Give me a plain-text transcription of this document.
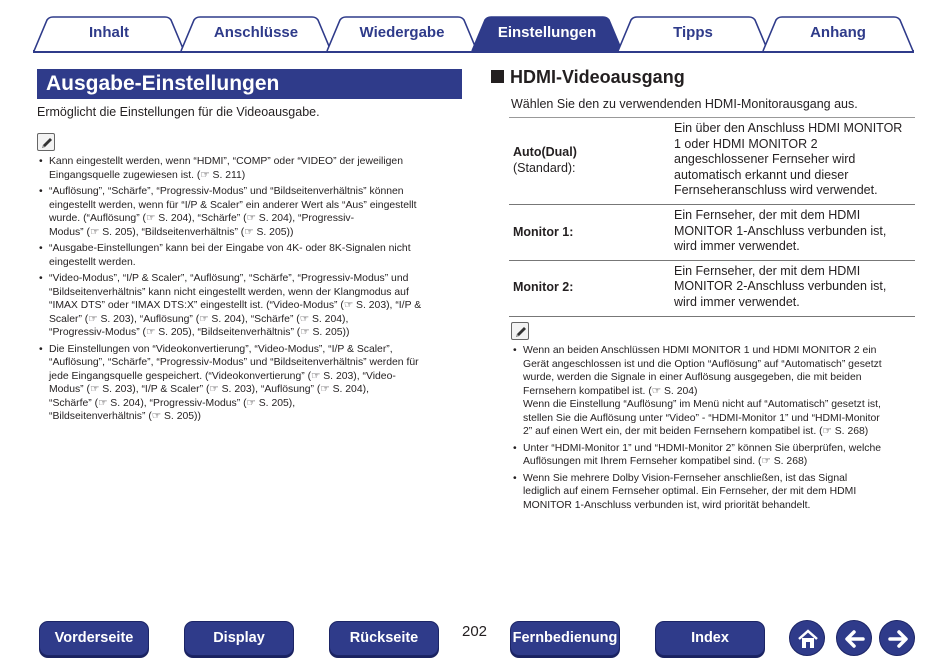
Inhalt	Anschlüsse	Wiedergabe	Einstellungen	Tipps	Anhang
Ausgabe-Einstellungen
Ermöglicht die Einstellungen für die Videoausgabe.
• Kann eingestellt werden, wenn “HDMI”, “COMP” oder “VIDEO” der jeweiligen
Eingangsquelle zugewiesen ist. (☞ S. 211)
• “Auflösung”, “Schärfe”, “Progressiv-Modus” und “Bildseitenverhältnis” können
eingestellt werden, wenn für “I/P & Scaler” ein anderer Wert als “Aus” eingestellt
wurde. (“Auflösung” (☞ S. 204), “Schärfe” (☞ S. 204), “Progressiv-
Modus” (☞ S. 205), “Bildseitenverhältnis” (☞ S. 205))
• “Ausgabe-Einstellungen” kann bei der Eingabe von 4K- oder 8K-Signalen nicht
eingestellt werden.
• “Video-Modus”, “I/P & Scaler”, “Auflösung”, “Schärfe”, “Progressiv-Modus” und
“Bildseitenverhältnis” kann nicht eingestellt werden, wenn der Klangmodus auf
“IMAX DTS” oder “IMAX DTS:X” eingestellt ist. (“Video-Modus” (☞ S. 203), “I/P &
Scaler” (☞ S. 203), “Auflösung” (☞ S. 204), “Schärfe” (☞ S. 204),
“Progressiv-Modus” (☞ S. 205), “Bildseitenverhältnis” (☞ S. 205))
• Die Einstellungen von “Videokonvertierung”, “Video-Modus”, “I/P & Scaler”,
“Auflösung”, “Schärfe”, “Progressiv-Modus” und “Bildseitenverhältnis” werden für
jede Eingangsquelle gespeichert. (“Videokonvertierung” (☞ S. 203), “Video-
Modus” (☞ S. 203), “I/P & Scaler” (☞ S. 203), “Auflösung” (☞ S. 204),
“Schärfe” (☞ S. 204), “Progressiv-Modus” (☞ S. 205),
“Bildseitenverhältnis” (☞ S. 205))
HDMI-Videoausgang
Wählen Sie den zu verwendenden HDMI-Monitorausgang aus.
Auto(Dual)
(Standard):	Ein über den Anschluss HDMI MONITOR
1 oder HDMI MONITOR 2
angeschlossener Fernseher wird
automatisch erkannt und dieser
Fernseheranschluss wird verwendet.
Monitor 1:	Ein Fernseher, der mit dem HDMI
MONITOR 1-Anschluss verbunden ist,
wird immer verwendet.
Monitor 2:	Ein Fernseher, der mit dem HDMI
MONITOR 2-Anschluss verbunden ist,
wird immer verwendet.
• Wenn an beiden Anschlüssen HDMI MONITOR 1 und HDMI MONITOR 2 ein
Gerät angeschlossen ist und die Option “Auflösung” auf “Automatisch” gesetzt
wurde, werden die Signale in einer Auflösung ausgegeben, die mit beiden
Fernsehern kompatibel ist. (☞ S. 204)
Wenn die Einstellung “Auflösung” im Menü nicht auf “Automatisch” gesetzt ist,
stellen Sie die Auflösung unter “Video” - “HDMI-Monitor 1” und “HDMI-Monitor
2” auf einen Wert ein, der mit beiden Fernsehern kompatibel ist. (☞ S. 268)
• Unter “HDMI-Monitor 1” und “HDMI-Monitor 2” können Sie überprüfen, welche
Auflösungen mit Ihrem Fernseher kompatibel sind. (☞ S. 268)
• Wenn Sie mehrere Dolby Vision-Fernseher anschließen, ist das Signal
lediglich auf einem Fernseher optimal. Ein Fernseher, der mit dem HDMI
MONITOR 1-Anschluss verbunden ist, wird priorität behandelt.
Vorderseite	Display	Rückseite	Fernbedienung	Index
202
